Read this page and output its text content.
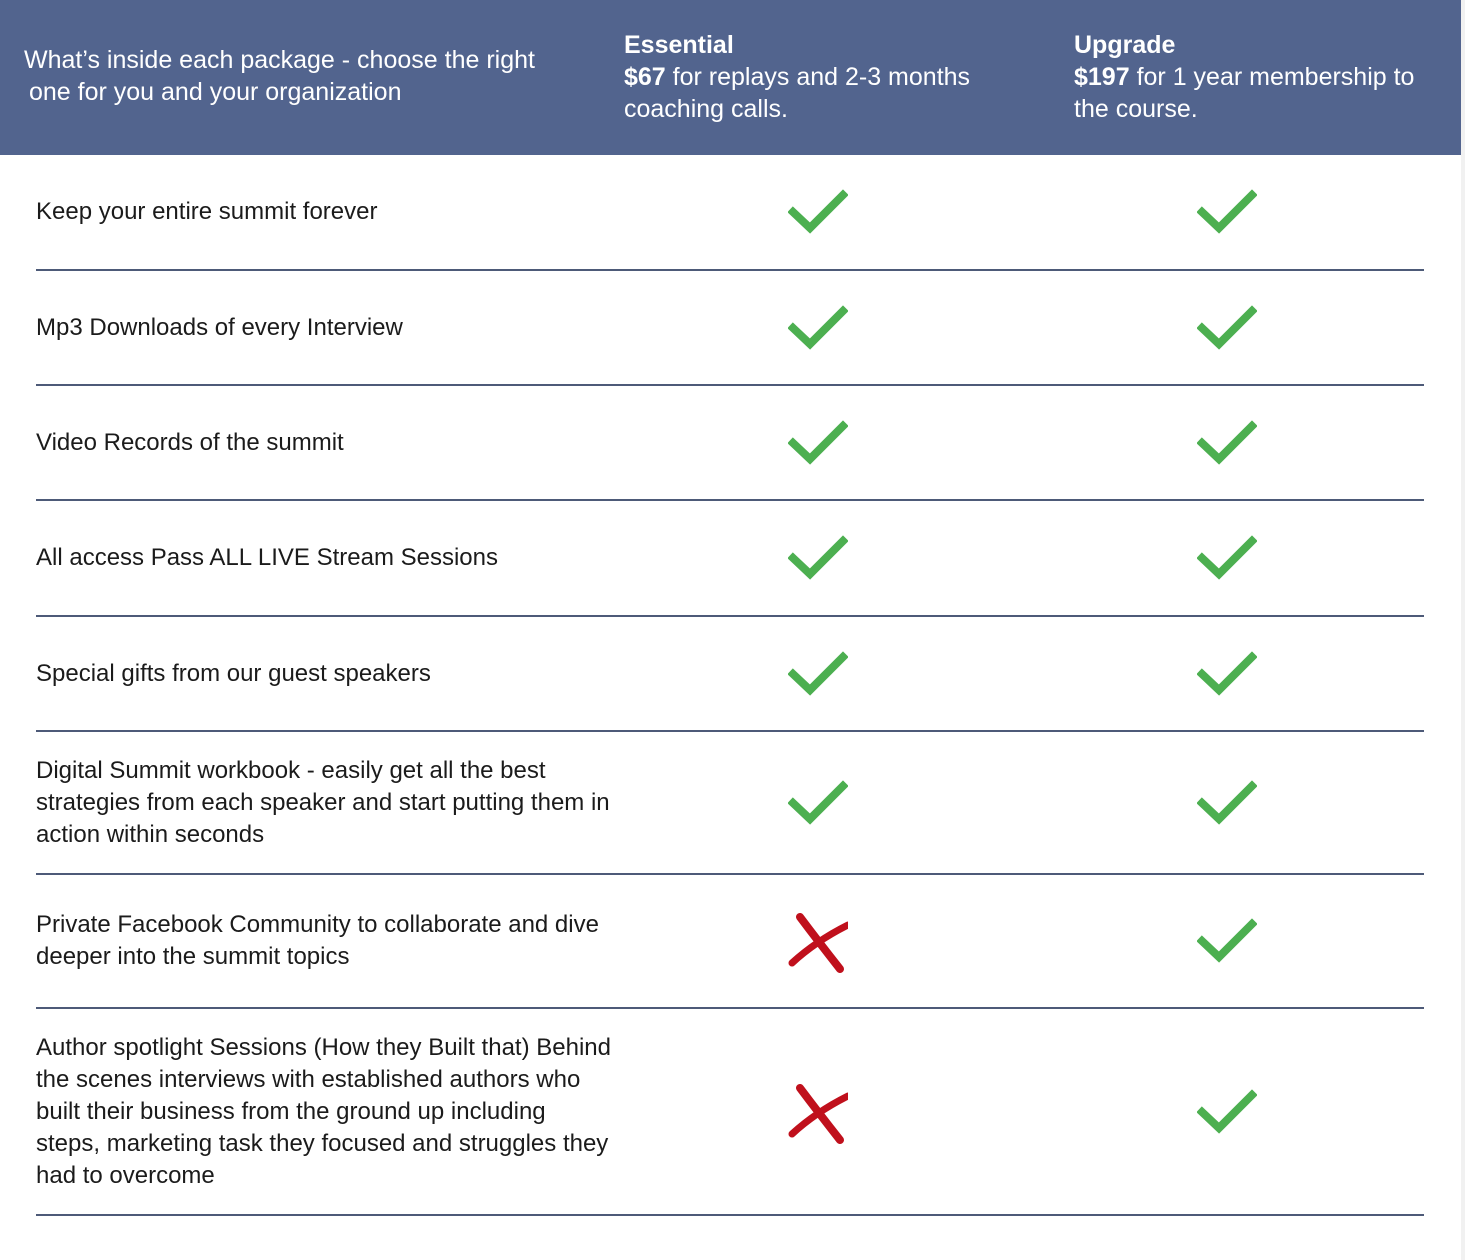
What’s inside each package - choose the right
one for you and your organization
Essential
$67 for replays and 2-3 months coaching calls.
Upgrade
$197 for 1 year membership to the course.
Keep your entire summit forever
Mp3 Downloads of every Interview
Video Records of the summit
All access Pass ALL LIVE Stream Sessions
Special gifts from our guest speakers
Digital Summit workbook - easily get all the best strategies from each speaker and start putting them in action within seconds
Private Facebook Community to collaborate and dive deeper into the summit topics
Author spotlight Sessions (How they Built that) Behind the scenes interviews with established authors who built their business from the ground up including steps, marketing task they focused and struggles they had to overcome
